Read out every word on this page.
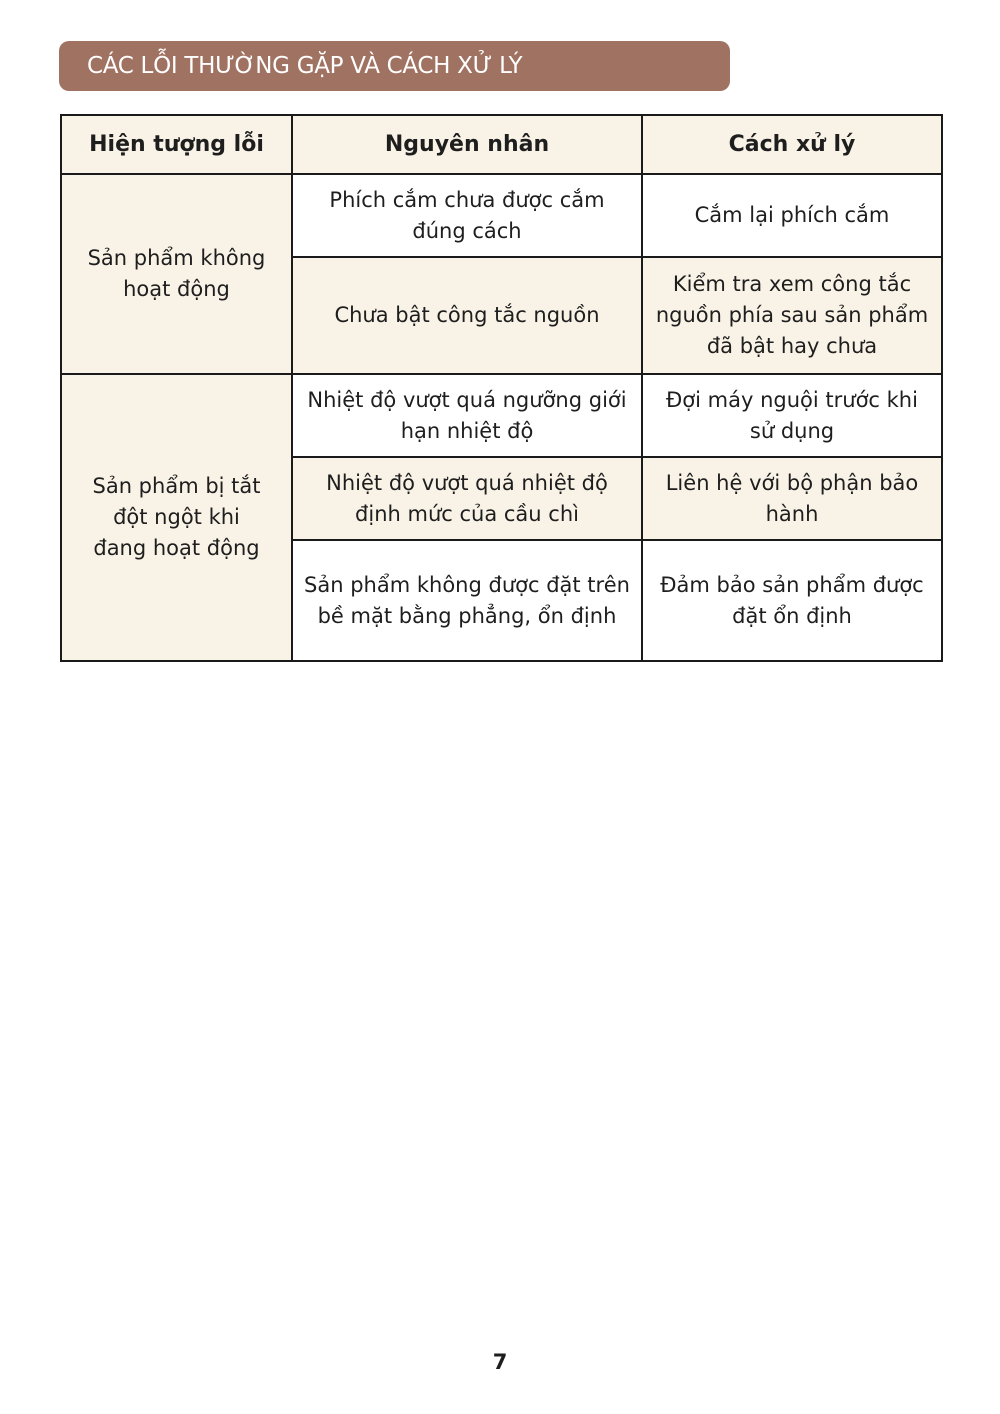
CÁC LỖI THƯỜNG GẶP VÀ CÁCH XỬ LÝ
Hiện tượng lỗi	Nguyên nhân	Cách xử lý
Sản phẩm không hoạt động	Phích cắm chưa được cắm đúng cách	Cắm lại phích cắm
	Chưa bật công tắc nguồn	Kiểm tra xem công tắc nguồn phía sau sản phẩm đã bật hay chưa
Sản phẩm bị tắt đột ngột khi đang hoạt động	Nhiệt độ vượt quá ngưỡng giới hạn nhiệt độ	Đợi máy nguội trước khi sử dụng
	Nhiệt độ vượt quá nhiệt độ định mức của cầu chì	Liên hệ với bộ phận bảo hành
	Sản phẩm không được đặt trên bề mặt bằng phẳng, ổn định	Đảm bảo sản phẩm được đặt ổn định
7
